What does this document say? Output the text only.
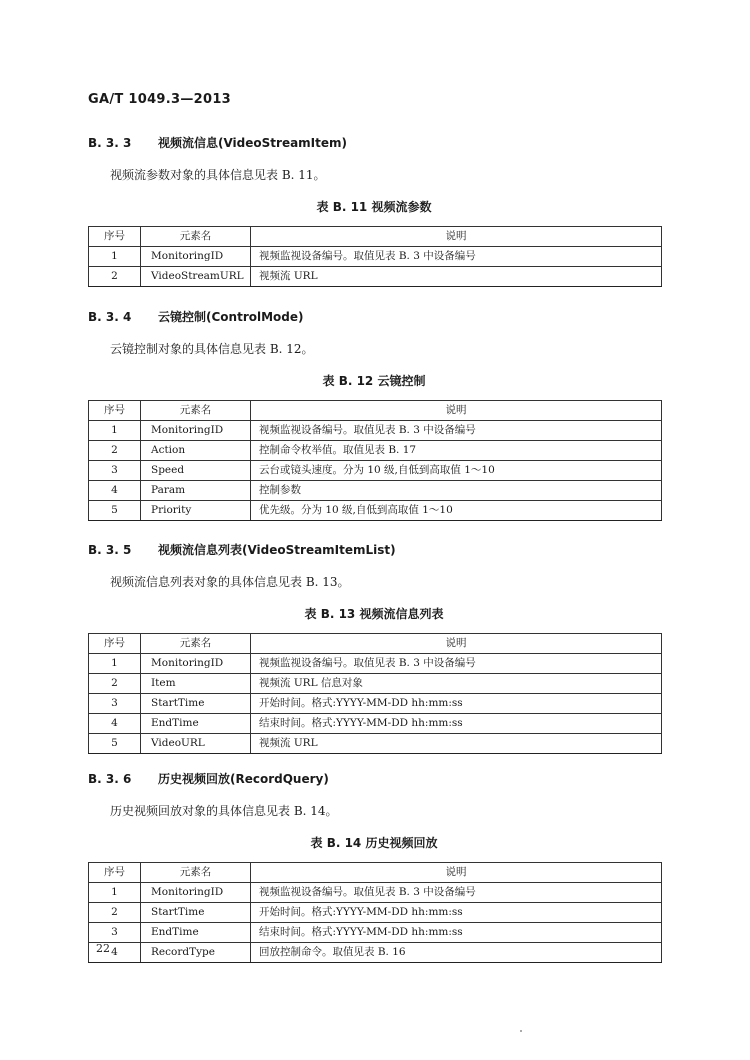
GA/T 1049.3—2013
B. 3. 3 视频流信息(VideoStreamItem)
视频流参数对象的具体信息见表 B. 11。
表 B. 11 视频流参数
序号	元素名	说明
1	MonitoringID	视频监视设备编号。取值见表 B. 3 中设备编号
2	VideoStreamURL	视频流 URL
B. 3. 4 云镜控制(ControlMode)
云镜控制对象的具体信息见表 B. 12。
表 B. 12 云镜控制
序号	元素名	说明
1	MonitoringID	视频监视设备编号。取值见表 B. 3 中设备编号
2	Action	控制命令枚举值。取值见表 B. 17
3	Speed	云台或镜头速度。分为 10 级,自低到高取值 1～10
4	Param	控制参数
5	Priority	优先级。分为 10 级,自低到高取值 1～10
B. 3. 5 视频流信息列表(VideoStreamItemList)
视频流信息列表对象的具体信息见表 B. 13。
表 B. 13 视频流信息列表
序号	元素名	说明
1	MonitoringID	视频监视设备编号。取值见表 B. 3 中设备编号
2	Item	视频流 URL 信息对象
3	StartTime	开始时间。格式:YYYY-MM-DD hh:mm:ss
4	EndTime	结束时间。格式:YYYY-MM-DD hh:mm:ss
5	VideoURL	视频流 URL
B. 3. 6 历史视频回放(RecordQuery)
历史视频回放对象的具体信息见表 B. 14。
表 B. 14 历史视频回放
序号	元素名	说明
1	MonitoringID	视频监视设备编号。取值见表 B. 3 中设备编号
2	StartTime	开始时间。格式:YYYY-MM-DD hh:mm:ss
3	EndTime	结束时间。格式:YYYY-MM-DD hh:mm:ss
4	RecordType	回放控制命令。取值见表 B. 16
22
